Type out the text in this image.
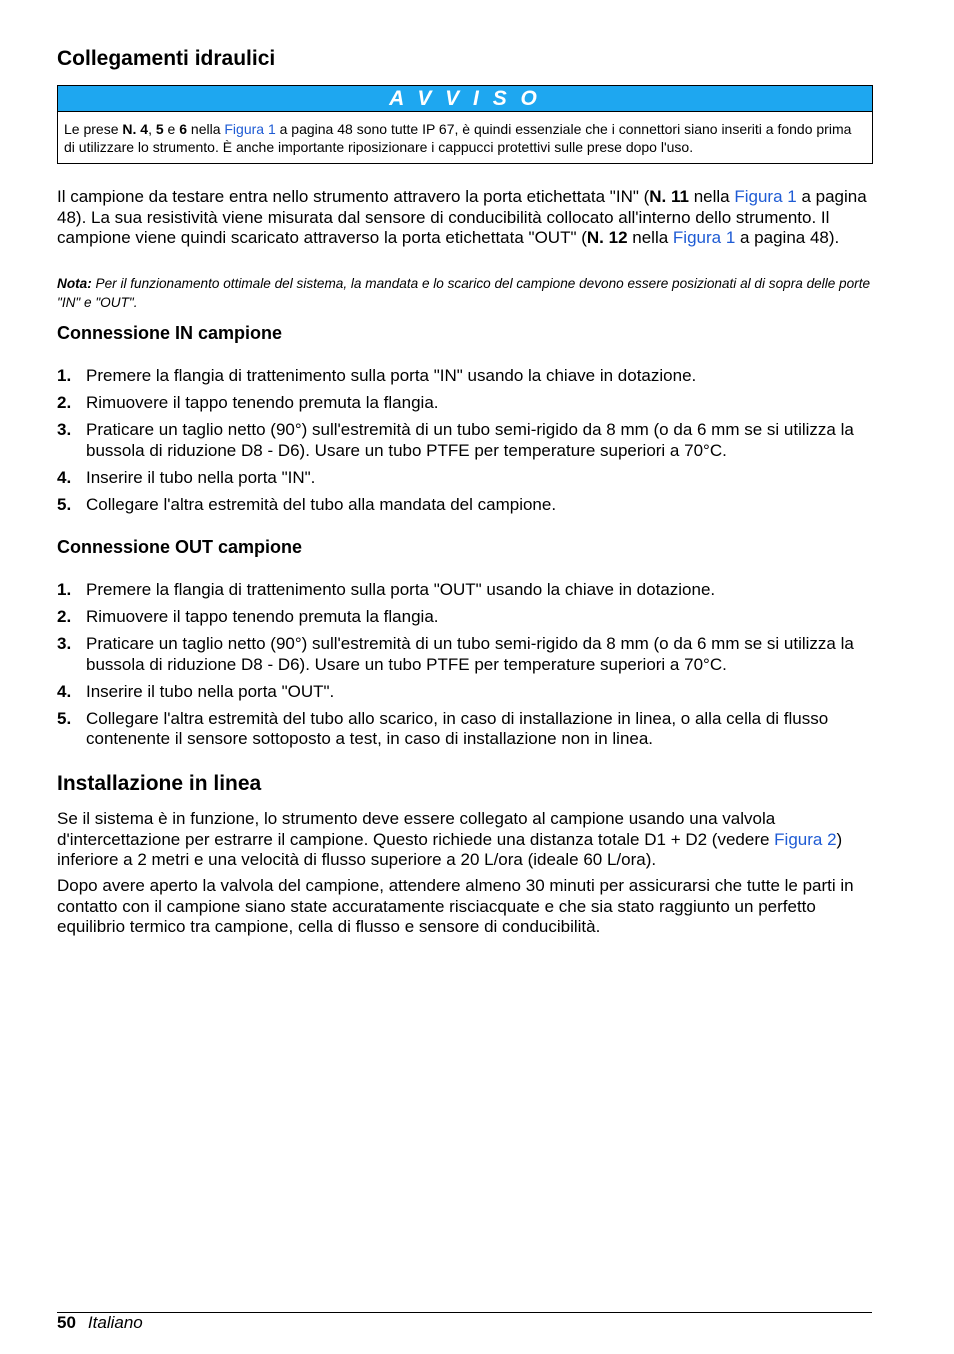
Collegamenti idraulici
A V V I S O
Le prese N. 4, 5 e 6 nella Figura 1 a pagina 48 sono tutte IP 67, è quindi essenziale che i connettori siano inseriti a fondo prima di utilizzare lo strumento. È anche importante riposizionare i cappucci protettivi sulle prese dopo l'uso.

Il campione da testare entra nello strumento attravero la porta etichettata "IN" (N. 11 nella Figura 1 a pagina 48). La sua resistività viene misurata dal sensore di conducibilità collocato all'interno dello strumento. Il campione viene quindi scaricato attraverso la porta etichettata "OUT" (N. 12 nella Figura 1 a pagina 48).

Nota: Per il funzionamento ottimale del sistema, la mandata e lo scarico del campione devono essere posizionati al di sopra delle porte "IN" e "OUT".

Connessione IN campione
1. Premere la flangia di trattenimento sulla porta "IN" usando la chiave in dotazione.
2. Rimuovere il tappo tenendo premuta la flangia.
3. Praticare un taglio netto (90°) sull'estremità di un tubo semi-rigido da 8 mm (o da 6 mm se si utilizza la bussola di riduzione D8 - D6). Usare un tubo PTFE per temperature superiori a 70°C.
4. Inserire il tubo nella porta "IN".
5. Collegare l'altra estremità del tubo alla mandata del campione.
Connessione OUT campione
1. Premere la flangia di trattenimento sulla porta "OUT" usando la chiave in dotazione.
2. Rimuovere il tappo tenendo premuta la flangia.
3. Praticare un taglio netto (90°) sull'estremità di un tubo semi-rigido da 8 mm (o da 6 mm se si utilizza la bussola di riduzione D8 - D6). Usare un tubo PTFE per temperature superiori a 70°C.
4. Inserire il tubo nella porta "OUT".
5. Collegare l'altra estremità del tubo allo scarico, in caso di installazione in linea, o alla cella di flusso contenente il sensore sottoposto a test, in caso di installazione non in linea.
Installazione in linea

Se il sistema è in funzione, lo strumento deve essere collegato al campione usando una valvola d'intercettazione per estrarre il campione. Questo richiede una distanza totale D1 + D2 (vedere Figura 2) inferiore a 2 metri e una velocità di flusso superiore a 20 L/ora (ideale 60 L/ora).

Dopo avere aperto la valvola del campione, attendere almeno 30 minuti per assicurarsi che tutte le parti in contatto con il campione siano state accuratamente risciacquate e che sia stato raggiunto un perfetto equilibrio termico tra campione, cella di flusso e sensore di conducibilità.

50 Italiano
